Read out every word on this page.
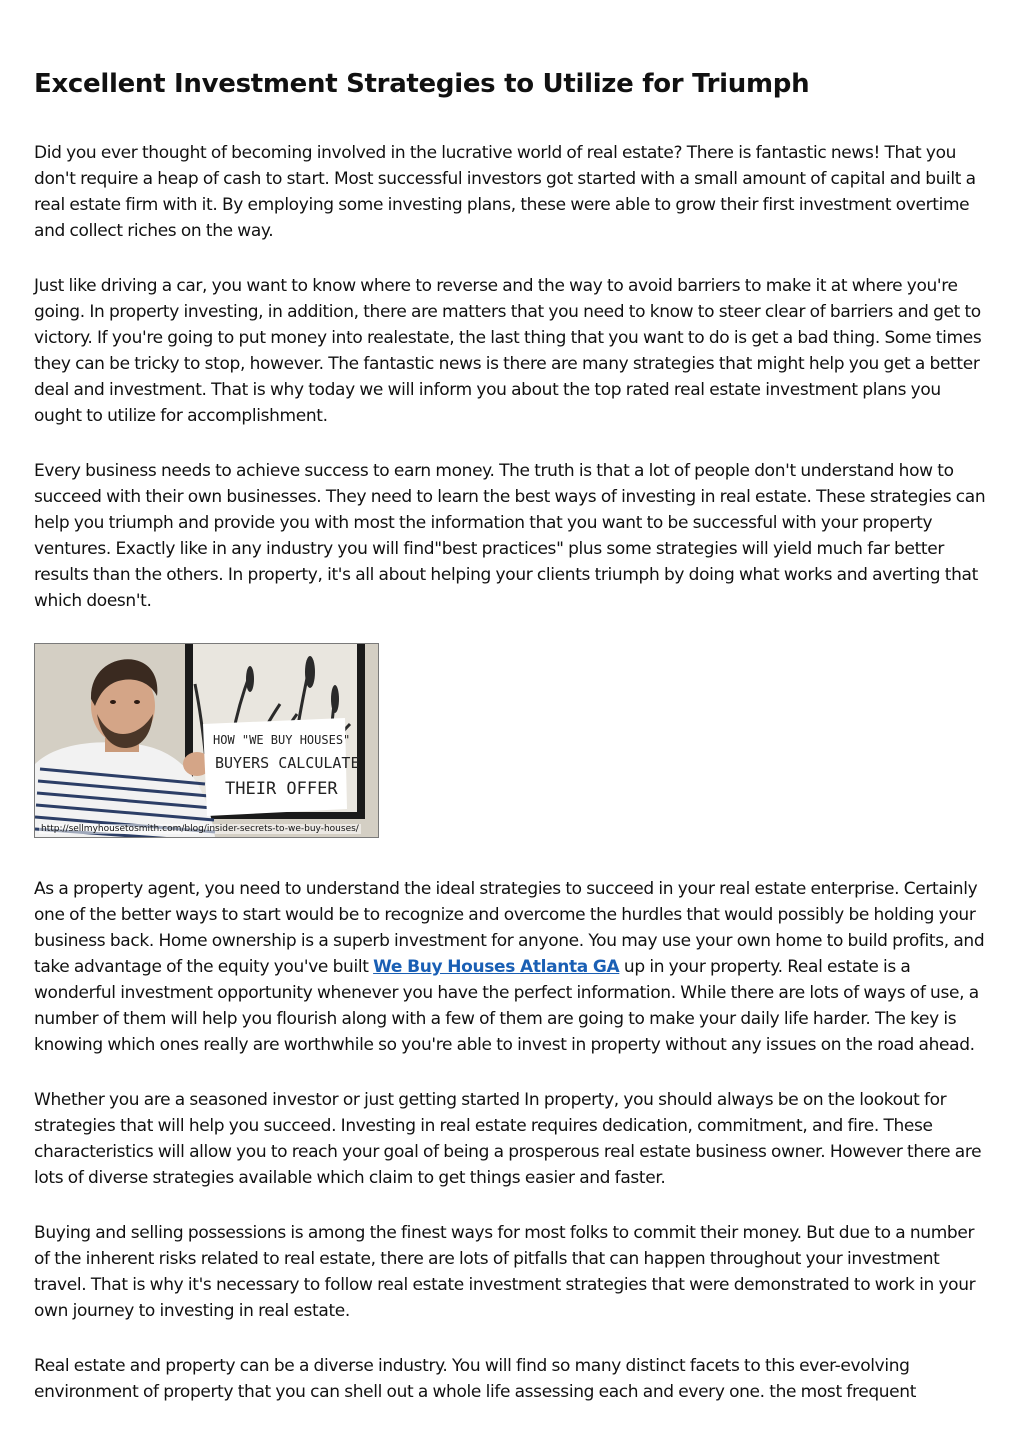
Excellent Investment Strategies to Utilize for Triumph

Did you ever thought of becoming involved in the lucrative world of real estate? There is fantastic news! That you don't require a heap of cash to start. Most successful investors got started with a small amount of capital and built a real estate firm with it. By employing some investing plans, these were able to grow their first investment overtime and collect riches on the way.

Just like driving a car, you want to know where to reverse and the way to avoid barriers to make it at where you're going. In property investing, in addition, there are matters that you need to know to steer clear of barriers and get to victory. If you're going to put money into realestate, the last thing that you want to do is get a bad thing. Some times they can be tricky to stop, however. The fantastic news is there are many strategies that might help you get a better deal and investment. That is why today we will inform you about the top rated real estate investment plans you ought to utilize for accomplishment.

Every business needs to achieve success to earn money. The truth is that a lot of people don't understand how to succeed with their own businesses. They need to learn the best ways of investing in real estate. These strategies can help you triumph and provide you with most the information that you want to be successful with your property ventures. Exactly like in any industry you will find"best practices" plus some strategies will yield much far better results than the others. In property, it's all about helping your clients triumph by doing what works and averting that which doesn't.

HOW "WE BUY HOUSES"
BUYERS CALCULATE
THEIR OFFER
http://sellmyhousetosmith.com/blog/insider-secrets-to-we-buy-houses/

As a property agent, you need to understand the ideal strategies to succeed in your real estate enterprise. Certainly one of the better ways to start would be to recognize and overcome the hurdles that would possibly be holding your business back. Home ownership is a superb investment for anyone. You may use your own home to build profits, and take advantage of the equity you've built We Buy Houses Atlanta GA up in your property. Real estate is a wonderful investment opportunity whenever you have the perfect information. While there are lots of ways of use, a number of them will help you flourish along with a few of them are going to make your daily life harder. The key is knowing which ones really are worthwhile so you're able to invest in property without any issues on the road ahead.

Whether you are a seasoned investor or just getting started In property, you should always be on the lookout for strategies that will help you succeed. Investing in real estate requires dedication, commitment, and fire. These characteristics will allow you to reach your goal of being a prosperous real estate business owner. However there are lots of diverse strategies available which claim to get things easier and faster.

Buying and selling possessions is among the finest ways for most folks to commit their money. But due to a number of the inherent risks related to real estate, there are lots of pitfalls that can happen throughout your investment travel. That is why it's necessary to follow real estate investment strategies that were demonstrated to work in your own journey to investing in real estate.

Real estate and property can be a diverse industry. You will find so many distinct facets to this ever-evolving environment of property that you can shell out a whole life assessing each and every one. the most frequent
